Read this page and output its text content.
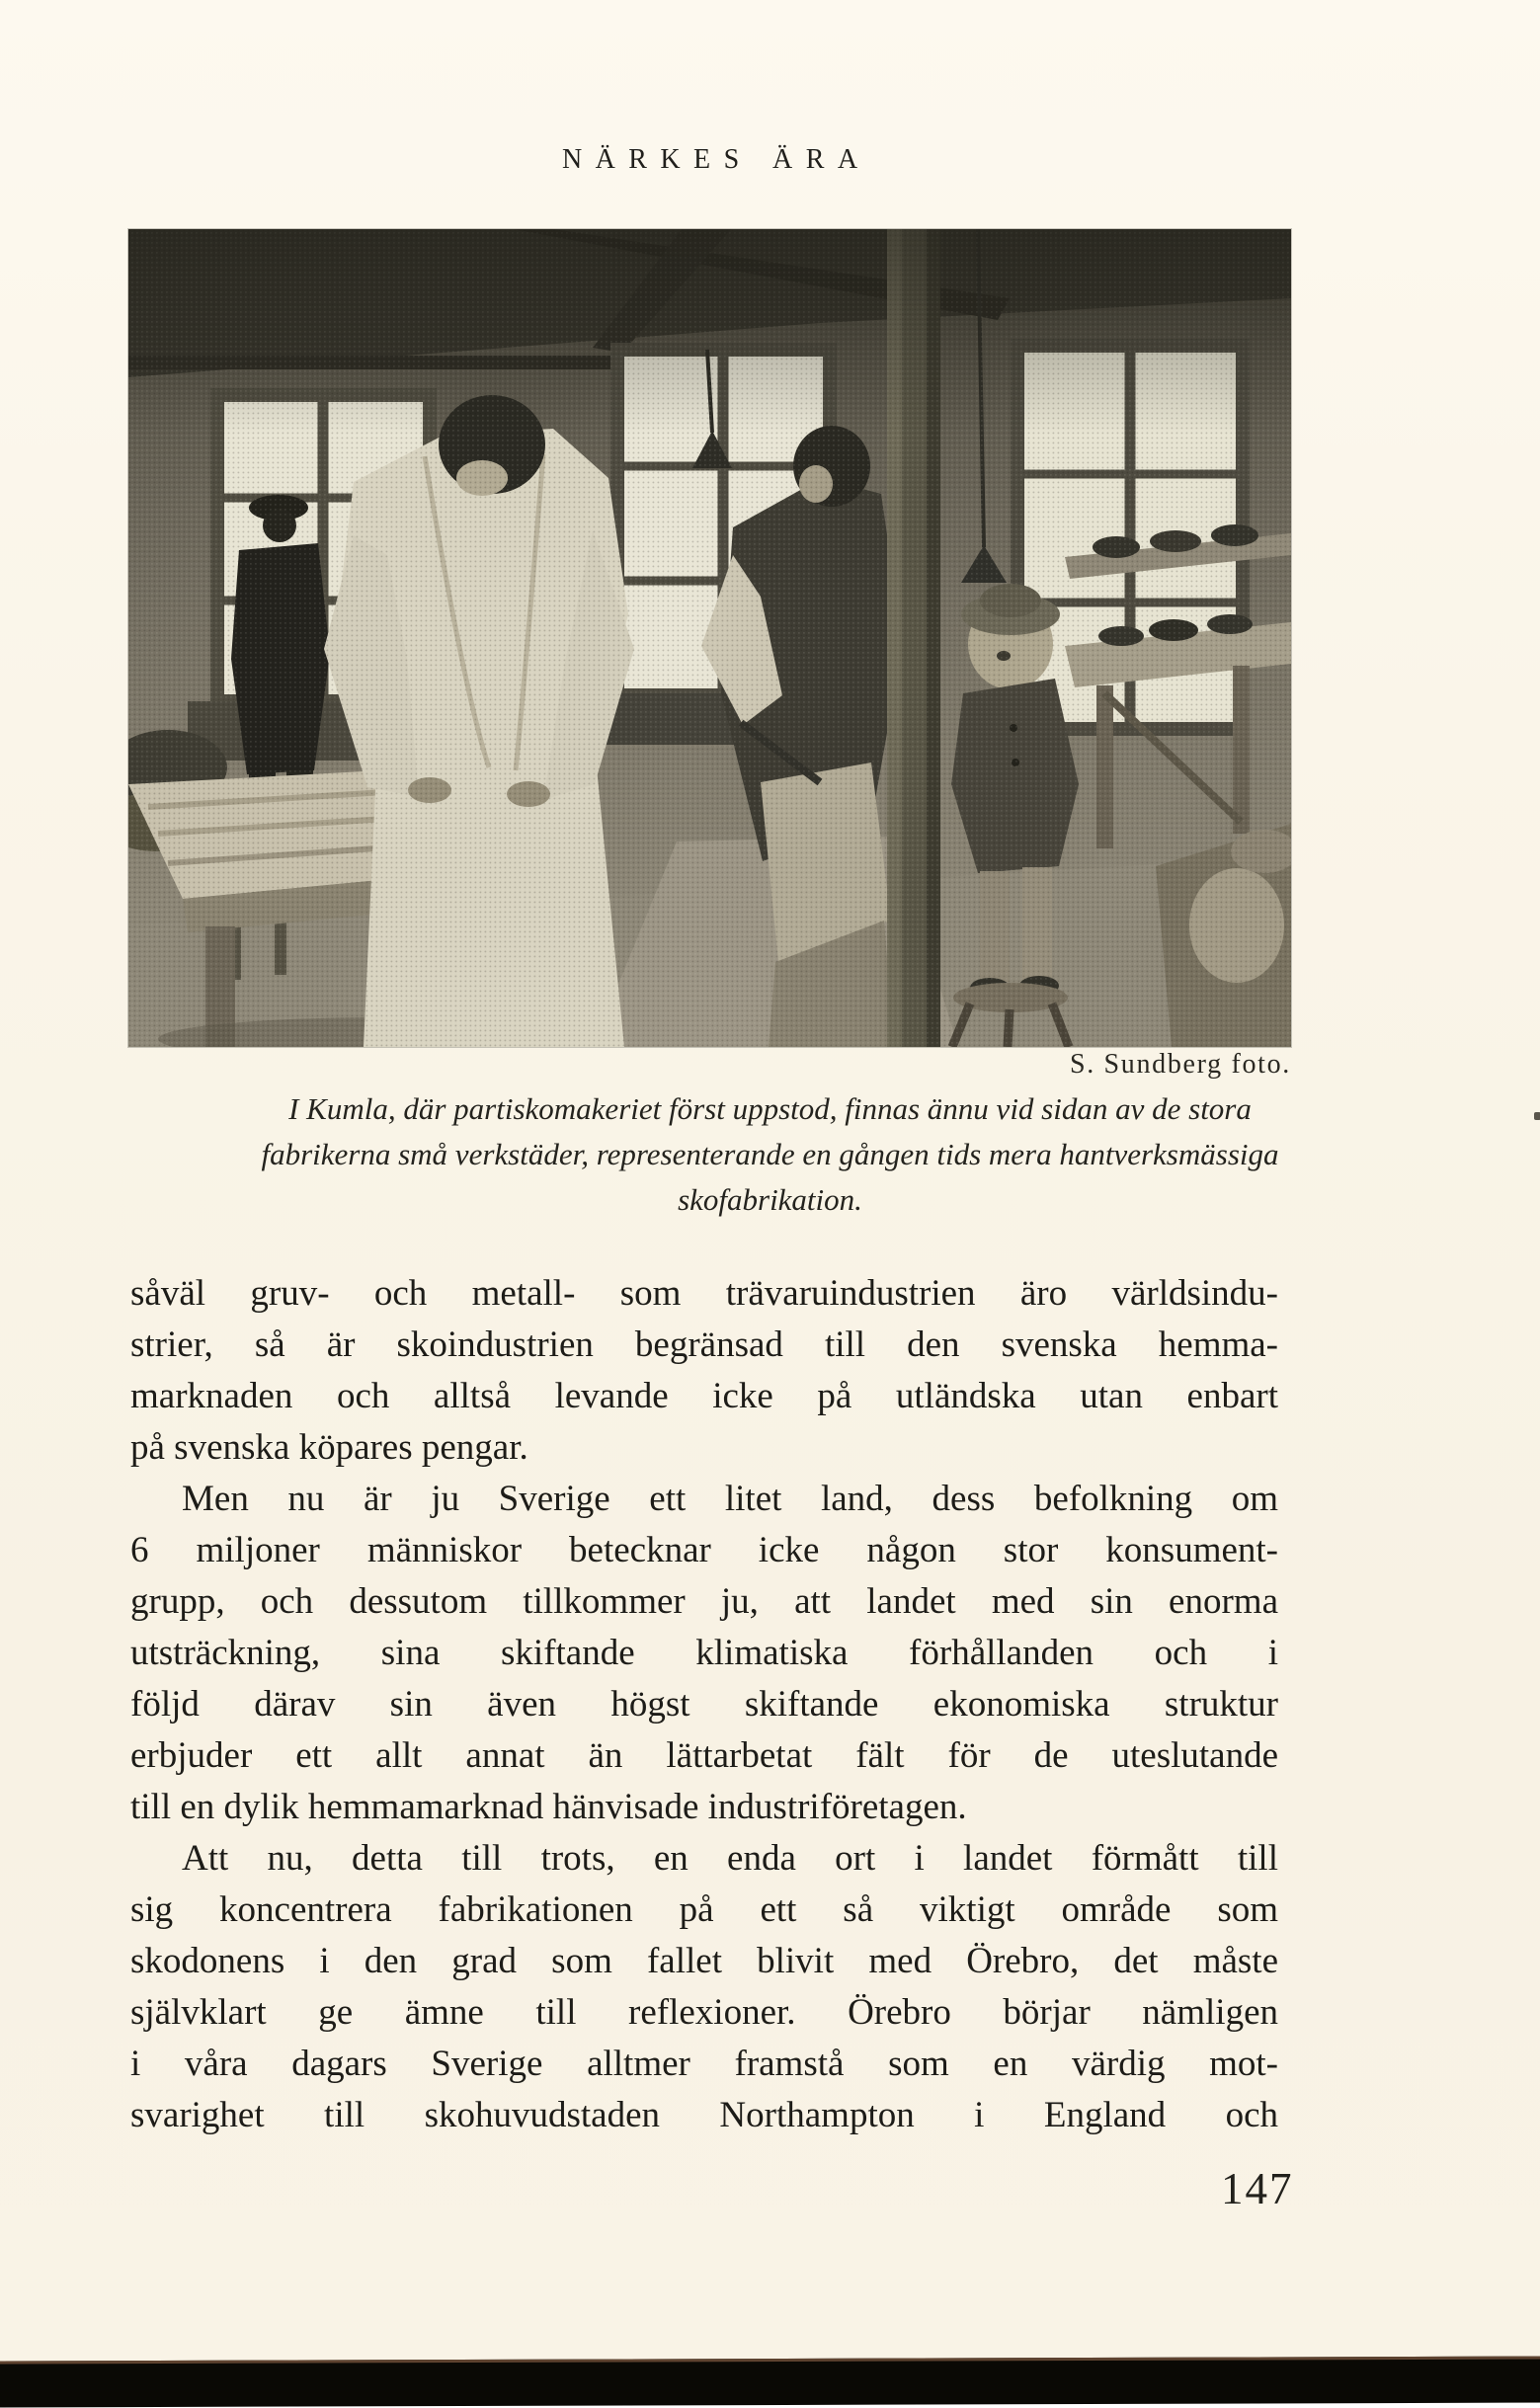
NÄRKES ÄRA
S. Sundberg foto.
I Kumla, där partiskomakeriet först uppstod, finnas ännu vid sidan av de stora
fabrikerna små verkstäder, representerande en gången tids mera hantverksmässiga
skofabrikation.
såväl gruv- och metall- som trävaruindustrien äro världsindu-
strier, så är skoindustrien begränsad till den svenska hemma-
marknaden och alltså levande icke på utländska utan enbart
på svenska köpares pengar.
Men nu är ju Sverige ett litet land, dess befolkning om
6 miljoner människor betecknar icke någon stor konsument-
grupp, och dessutom tillkommer ju, att landet med sin enorma
utsträckning, sina skiftande klimatiska förhållanden och i
följd därav sin även högst skiftande ekonomiska struktur
erbjuder ett allt annat än lättarbetat fält för de uteslutande
till en dylik hemmamarknad hänvisade industriföretagen.
Att nu, detta till trots, en enda ort i landet förmått till
sig koncentrera fabrikationen på ett så viktigt område som
skodonens i den grad som fallet blivit med Örebro, det måste
självklart ge ämne till reflexioner. Örebro börjar nämligen
i våra dagars Sverige alltmer framstå som en värdig mot-
svarighet till skohuvudstaden Northampton i England och
147
